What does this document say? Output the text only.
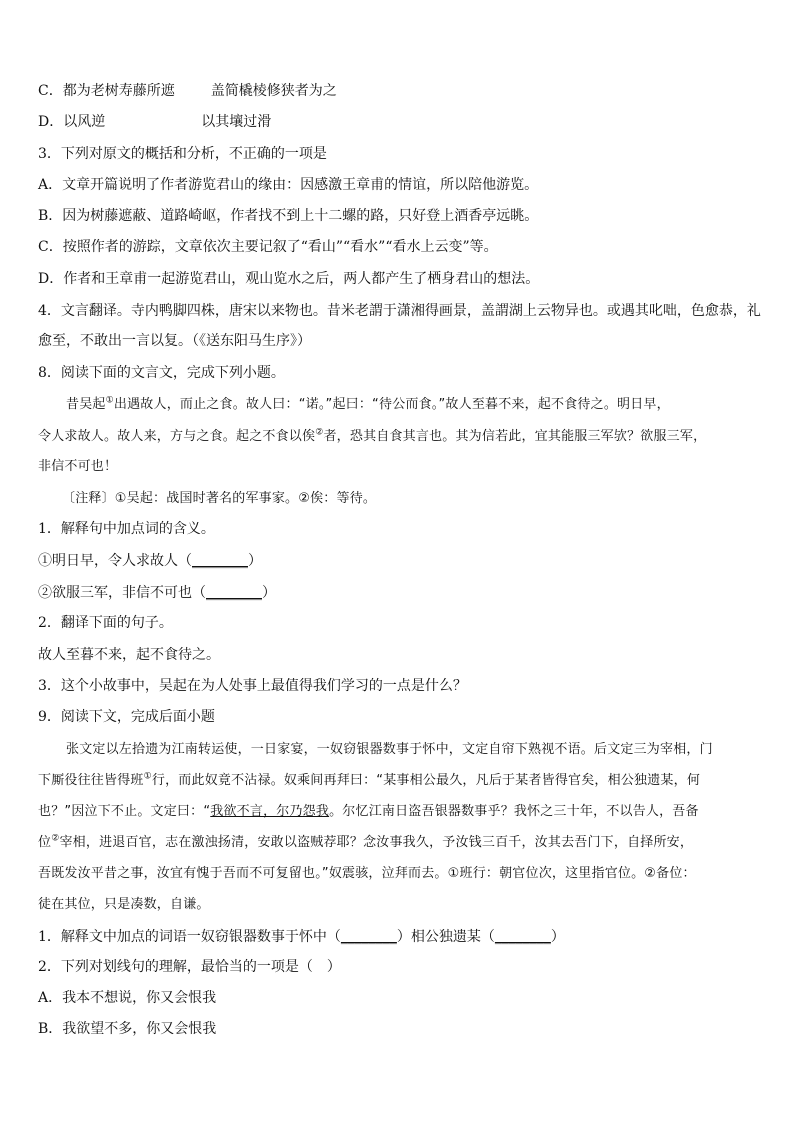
C．都为老树寿藤所遮	盖简橇棱修狭者为之
D．以风逆	以其壤过滑
3．下列对原文的概括和分析，不正确的一项是
A．文章开篇说明了作者游览君山的缘由：因感激王章甫的情谊，所以陪他游览。
B．因为树藤遮蔽、道路崎岖，作者找不到上十二螺的路，只好登上酒香亭远眺。
C．按照作者的游踪，文章依次主要记叙了“看山”“看水”“看水上云变”等。
D．作者和王章甫一起游览君山，观山览水之后，两人都产生了栖身君山的想法。
4．文言翻译。寺内鸭脚四株，唐宋以来物也。昔米老謂于潇湘得画景，盖謂湖上云物异也。或遇其叱咄，色愈恭，礼
愈至，不敢出一言以复。（《送东阳马生序》）
8．阅读下面的文言文，完成下列小题。
昔吴起①出遇故人，而止之食。故人曰：“诺。”起曰：“待公而食。”故人至暮不来，起不食待之。明日早，
令人求故人。故人来，方与之食。起之不食以俟②者，恐其自食其言也。其为信若此，宜其能服三军欤？欲服三军，
非信不可也！
〔注释〕①吴起：战国时著名的军事家。②俟：等待。
1．解释句中加点词的含义。
①明日早，令人求故人（________）
②欲服三军，非信不可也（________）
2．翻译下面的句子。
故人至暮不来，起不食待之。
3．这个小故事中，吴起在为人处事上最值得我们学习的一点是什么？
9．阅读下文，完成后面小题
张文定以左拾遗为江南转运使，一日家宴，一奴窃银器数事于怀中，文定自帘下熟视不语。后文定三为宰相，门
下厮役往往皆得班①行，而此奴竟不沾禄。奴乘间再拜曰：“某事相公最久，凡后于某者皆得官矣，相公独遗某，何
也？”因泣下不止。文定曰：“我欲不言，尔乃怨我。尔忆江南日盗吾银器数事乎？我怀之三十年，不以告人，吾备
位②宰相，进退百官，志在激浊扬清，安敢以盗贼荐耶？念汝事我久，予汝钱三百千，汝其去吾门下，自择所安，
吾既发汝平昔之事，汝宜有愧于吾而不可复留也。”奴震骇，泣拜而去。①班行：朝官位次，这里指官位。②备位：
徒在其位，只是凑数，自谦。
1．解释文中加点的词语一奴窃银器数事于怀中（________）相公独遗某（________）
2．下列对划线句的理解，最恰当的一项是（　）
A．我本不想说，你又会恨我
B．我欲望不多，你又会恨我
